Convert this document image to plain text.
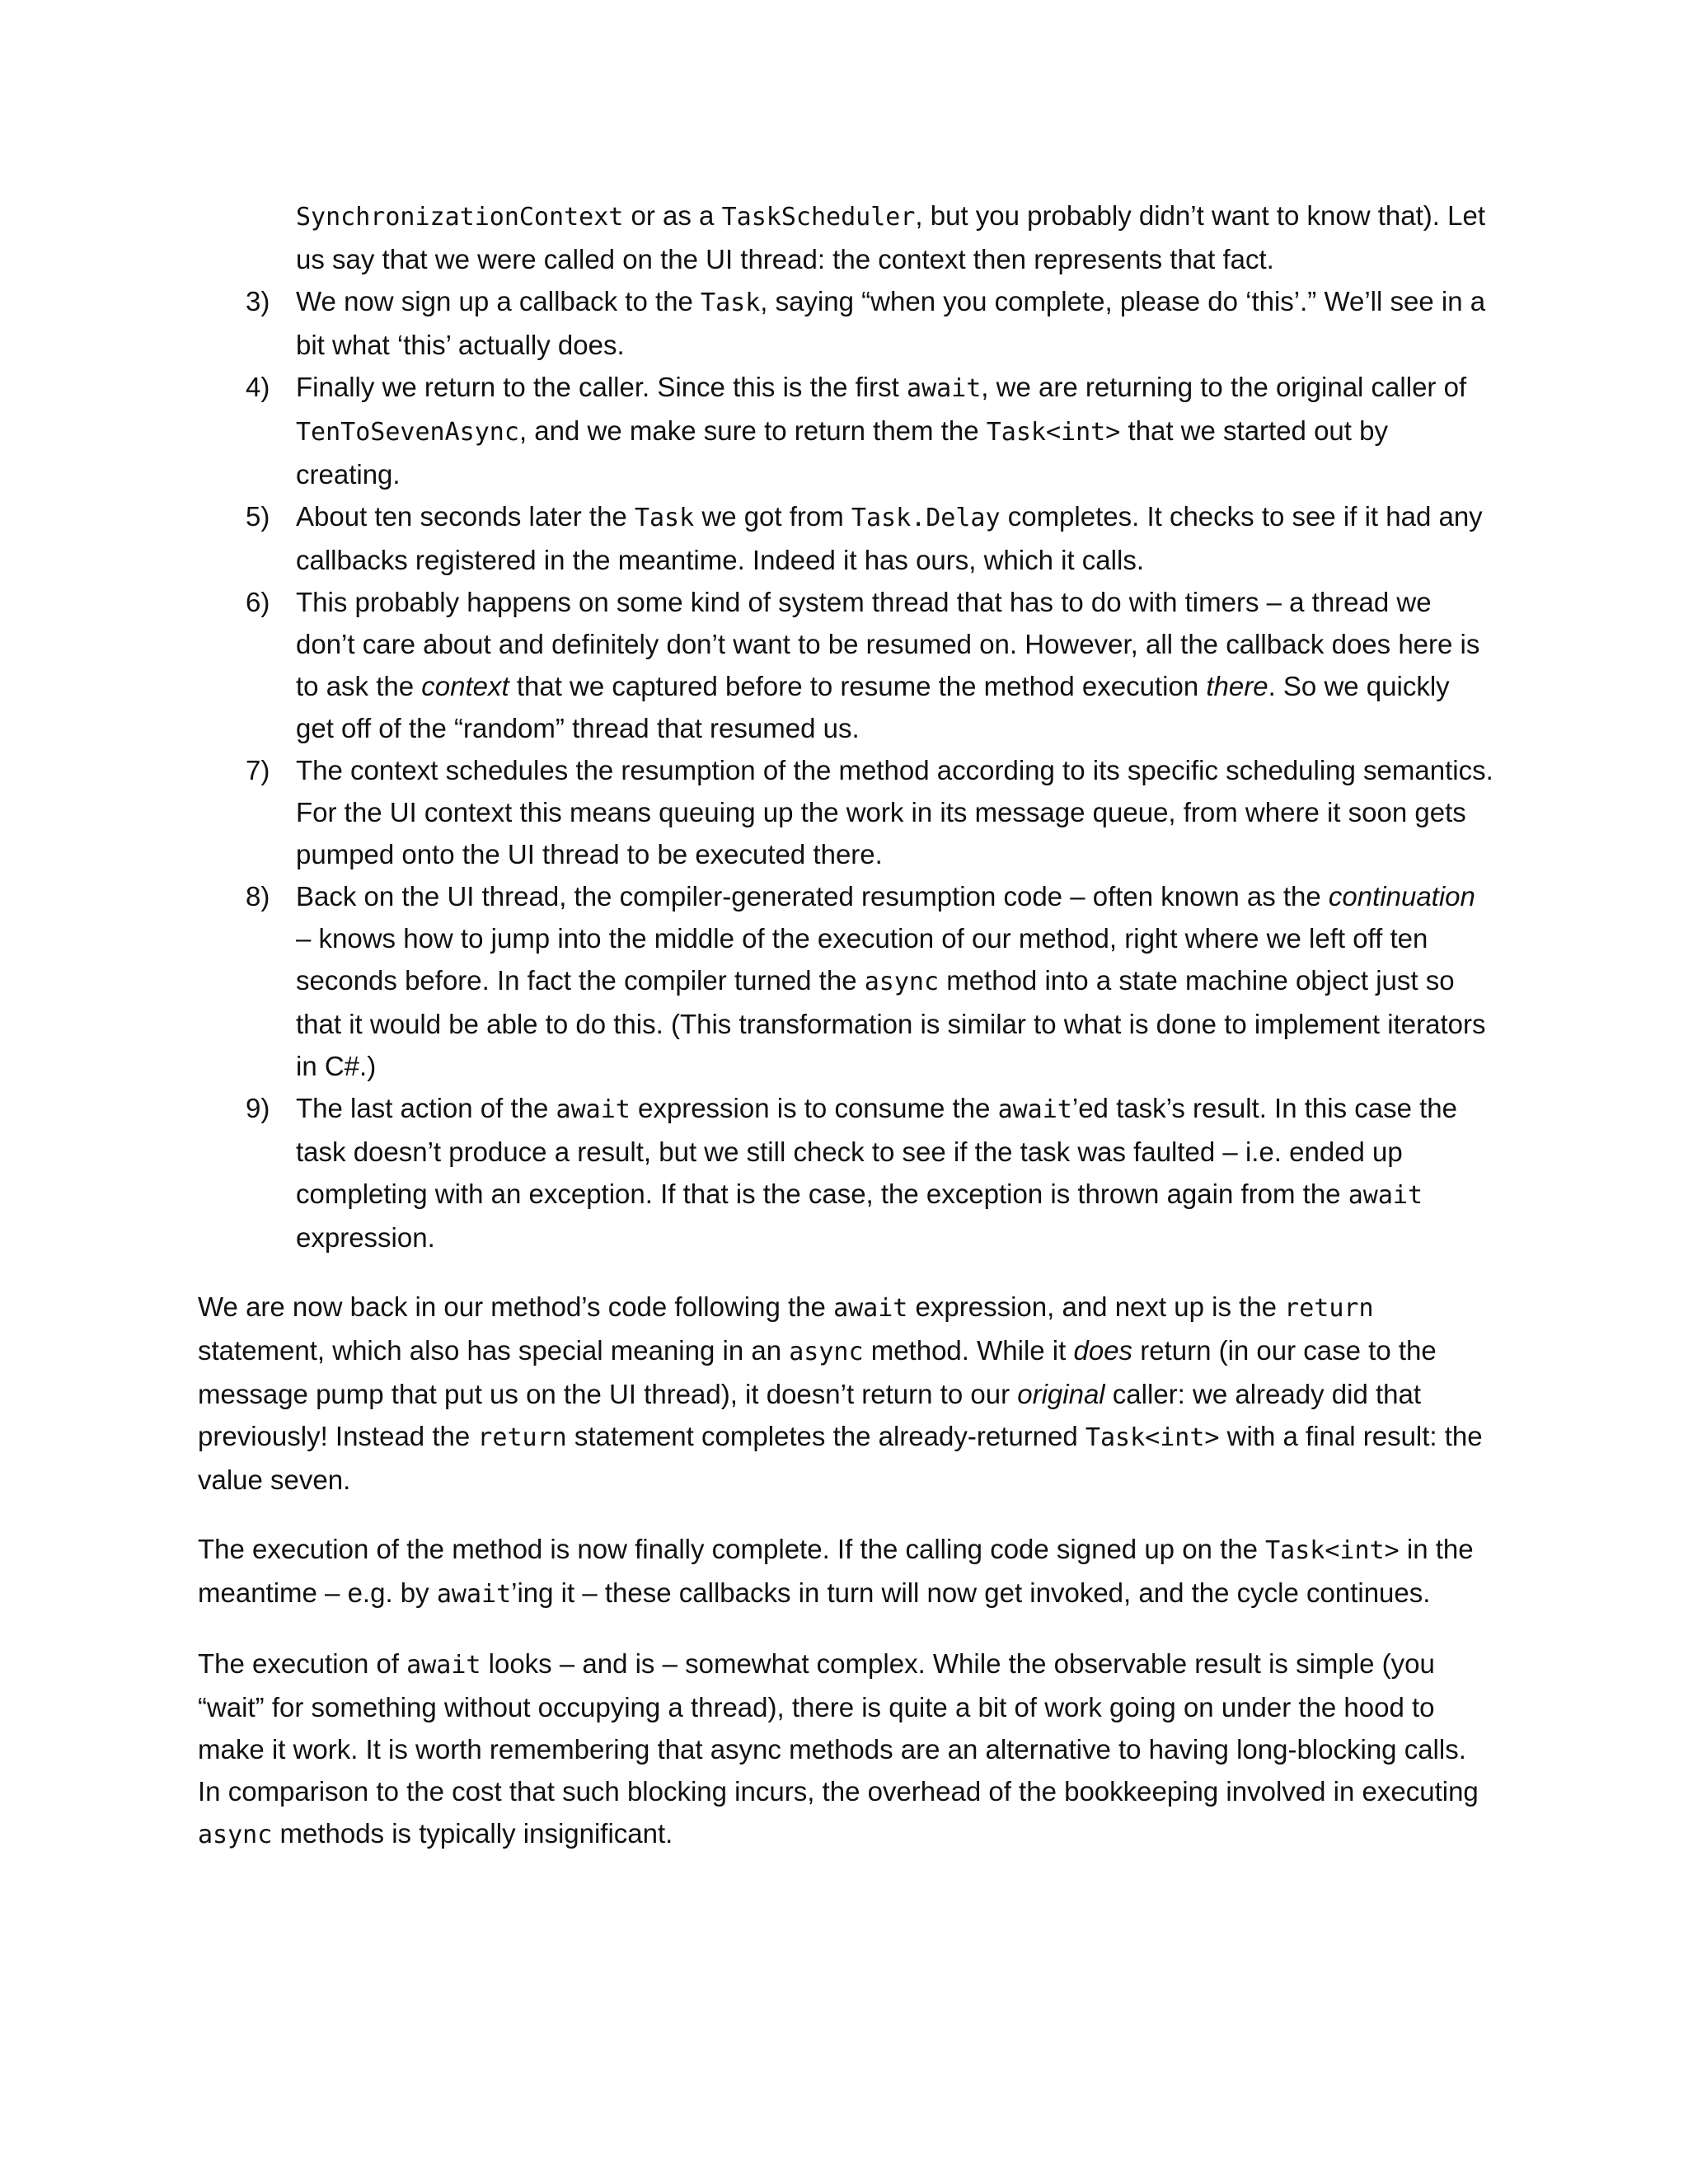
SynchronizationContext or as a TaskScheduler, but you probably didn’t want to know that). Let us say that we were called on the UI thread: the context then represents that fact.
3) We now sign up a callback to the Task, saying “when you complete, please do ‘this’.” We’ll see in a bit what ‘this’ actually does.
4) Finally we return to the caller. Since this is the first await, we are returning to the original caller of TenToSevenAsync, and we make sure to return them the Task<int> that we started out by creating.
5) About ten seconds later the Task we got from Task.Delay completes. It checks to see if it had any callbacks registered in the meantime. Indeed it has ours, which it calls.
6) This probably happens on some kind of system thread that has to do with timers – a thread we don’t care about and definitely don’t want to be resumed on. However, all the callback does here is to ask the context that we captured before to resume the method execution there. So we quickly get off of the “random” thread that resumed us.
7) The context schedules the resumption of the method according to its specific scheduling semantics. For the UI context this means queuing up the work in its message queue, from where it soon gets pumped onto the UI thread to be executed there.
8) Back on the UI thread, the compiler-generated resumption code – often known as the continuation – knows how to jump into the middle of the execution of our method, right where we left off ten seconds before. In fact the compiler turned the async method into a state machine object just so that it would be able to do this. (This transformation is similar to what is done to implement iterators in C#.)
9) The last action of the await expression is to consume the await’ed task’s result. In this case the task doesn’t produce a result, but we still check to see if the task was faulted – i.e. ended up completing with an exception. If that is the case, the exception is thrown again from the await expression.

We are now back in our method’s code following the await expression, and next up is the return statement, which also has special meaning in an async method. While it does return (in our case to the message pump that put us on the UI thread), it doesn’t return to our original caller: we already did that previously! Instead the return statement completes the already-returned Task<int> with a final result: the value seven.

The execution of the method is now finally complete. If the calling code signed up on the Task<int> in the meantime – e.g. by await’ing it – these callbacks in turn will now get invoked, and the cycle continues.

The execution of await looks – and is – somewhat complex. While the observable result is simple (you “wait” for something without occupying a thread), there is quite a bit of work going on under the hood to make it work. It is worth remembering that async methods are an alternative to having long-blocking calls. In comparison to the cost that such blocking incurs, the overhead of the bookkeeping involved in executing async methods is typically insignificant.
